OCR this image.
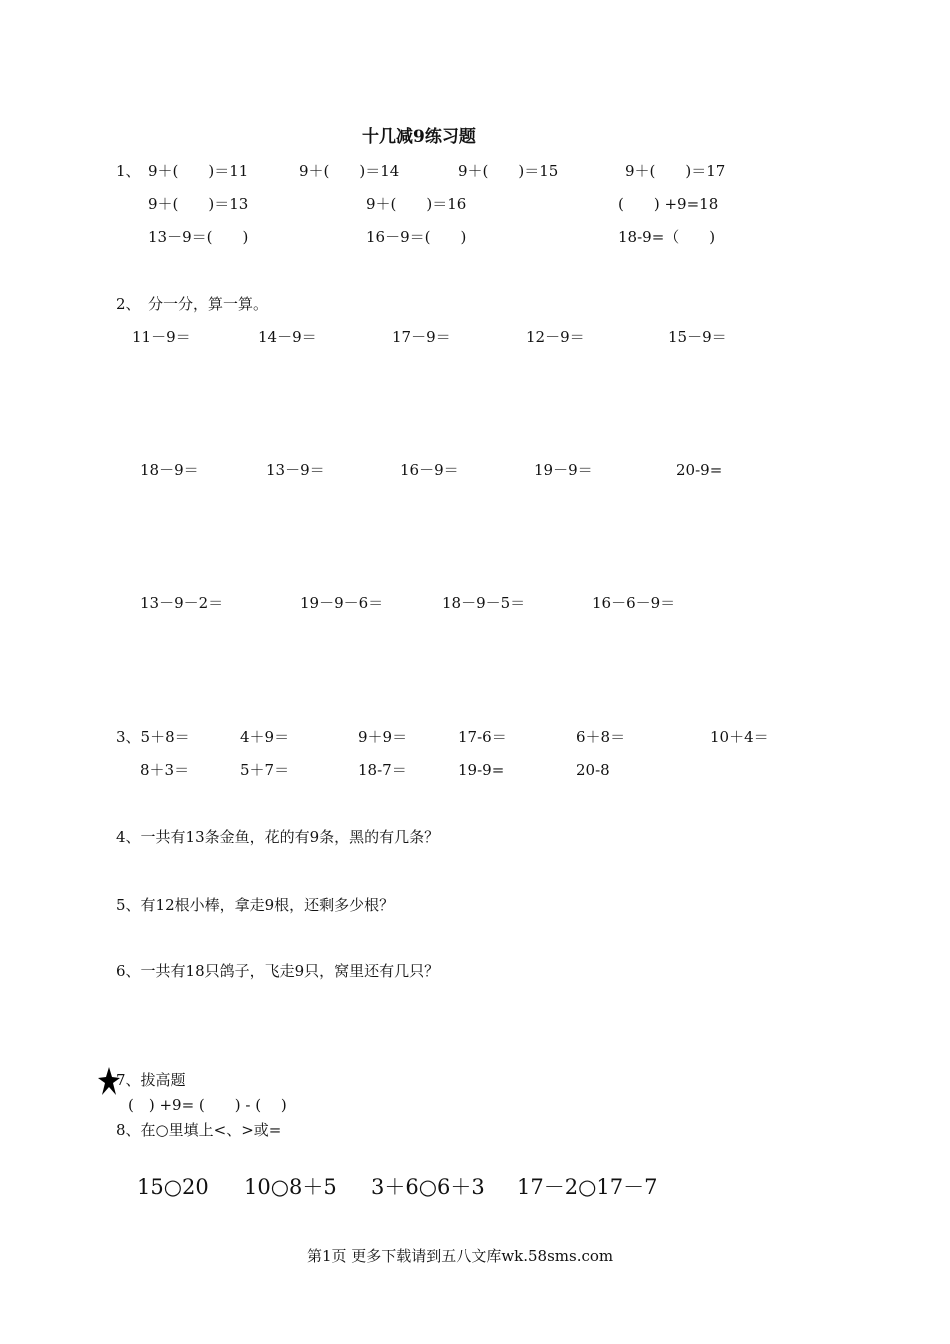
十几减9练习题
1、 9＋(　　)＝11	9＋(　　)＝14	9＋(　　)＝15	9＋(　　)＝17
9＋(　　)＝13	9＋(　　)＝16	(　　) +9=18
13－9＝(　　)	16－9＝(　　)	18-9=（　　)
2、　分一分，算一算。
11－9＝	14－9＝	17－9＝	12－9＝	15－9＝
18－9＝	13－9＝	16－9＝	19－9＝	20-9=
13－9－2＝	19－9－6＝	18－9－5＝	16－6－9＝
3、5＋8＝	4＋9＝	9＋9＝	17-6＝	6＋8＝	10＋4＝
8＋3＝	5＋7＝	18-7＝	19-9=	20-8
4、一共有13条金鱼，花的有9条，黑的有几条？
5、有12根小棒，拿走9根，还剩多少根？
6、一共有18只鸽子，飞走9只，窝里还有几只？
7、拔高题
(　) +9= (　　) - (　 )
8、在○里填上<、>或=
15○20 10○8＋5 3＋6○6＋3 17－2○17－7
第1页 更多下载请到五八文库wk.58sms.com
